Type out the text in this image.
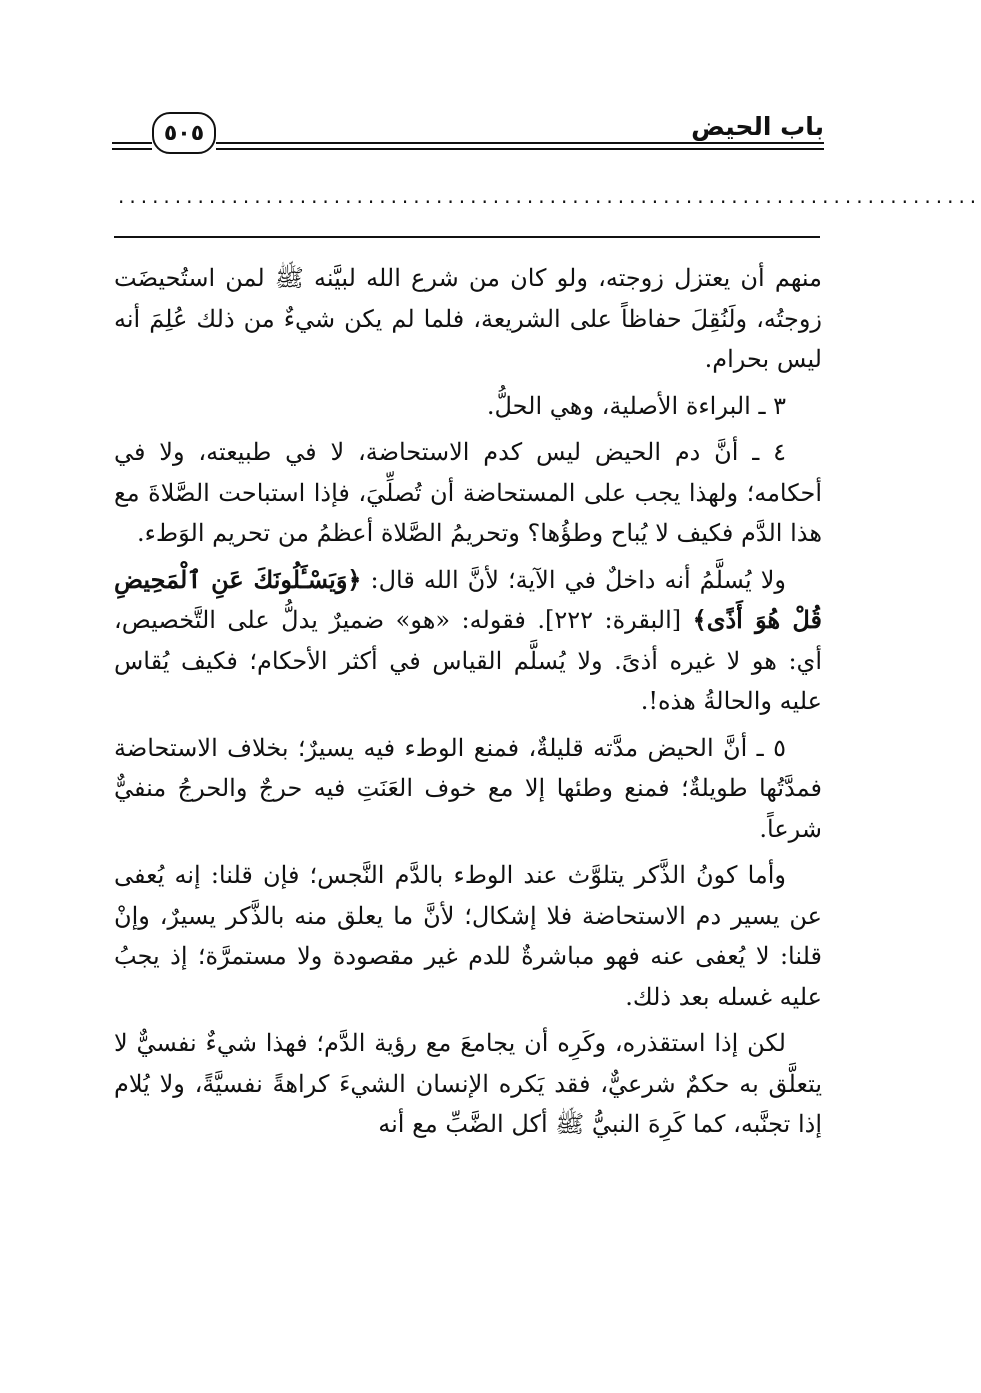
٥٠٥	باب الحيض
............................................................................

منهم أن يعتزل زوجته، ولو كان من شرع الله لبيَّنه ﷺ لمن استُحيضَت زوجتُه، ولَنُقِلَ حفاظاً على الشريعة، فلما لم يكن شيءٌ من ذلك عُلِمَ أنه ليس بحرام.

٣ ـ البراءة الأصلية، وهي الحلُّ.

٤ ـ أنَّ دم الحيض ليس كدم الاستحاضة، لا في طبيعته، ولا في أحكامه؛ ولهذا يجب على المستحاضة أن تُصلِّيَ، فإذا استباحت الصَّلاةَ مع هذا الدَّم فكيف لا يُباح وطؤُها؟ وتحريمُ الصَّلاة أعظمُ من تحريم الوَطء.

ولا يُسلَّمُ أنه داخلٌ في الآية؛ لأنَّ الله قال: ﴿وَيَسْـَٔلُونَكَ عَنِ ٱلْمَحِيضِ قُلْ هُوَ أَذًى﴾ [البقرة: ٢٢٢]. فقوله: «هو» ضميرٌ يدلُّ على التَّخصيص، أي: هو لا غيره أذىً. ولا يُسلَّم القياس في أكثر الأحكام؛ فكيف يُقاس عليه والحالةُ هذه!.

٥ ـ أنَّ الحيض مدَّته قليلةٌ، فمنع الوطء فيه يسيرٌ؛ بخلاف الاستحاضة فمدَّتُها طويلةٌ؛ فمنع وطئها إلا مع خوف العَنَتِ فيه حرجٌ والحرجُ منفيٌّ شرعاً.

وأما كونُ الذَّكر يتلوَّث عند الوطء بالدَّم النَّجس؛ فإن قلنا: إنه يُعفى عن يسير دم الاستحاضة فلا إشكال؛ لأنَّ ما يعلق منه بالذَّكر يسيرٌ، وإنْ قلنا: لا يُعفى عنه فهو مباشرةٌ للدم غير مقصودة ولا مستمرَّة؛ إذ يجبُ عليه غسله بعد ذلك.

لكن إذا استقذره، وكَرِه أن يجامعَ مع رؤية الدَّم؛ فهذا شيءٌ نفسيٌّ لا يتعلَّق به حكمٌ شرعيٌّ، فقد يَكره الإنسان الشيءَ كراهةً نفسيَّةً، ولا يُلام إذا تجنَّبه، كما كَرِهَ النبيُّ ﷺ أكل الضَّبِّ مع أنه
